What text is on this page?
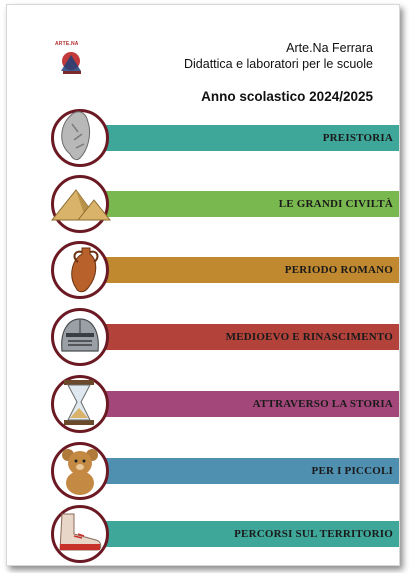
ARTE.NA	Arte.Na Ferrara
Didattica e laboratori per le scuole
Anno scolastico 2024/2025
PREISTORIA
LE GRANDI CIVILTÀ
PERIODO ROMANO
MEDIOEVO E RINASCIMENTO
ATTRAVERSO LA STORIA
PER I PICCOLI
PERCORSI SUL TERRITORIO
